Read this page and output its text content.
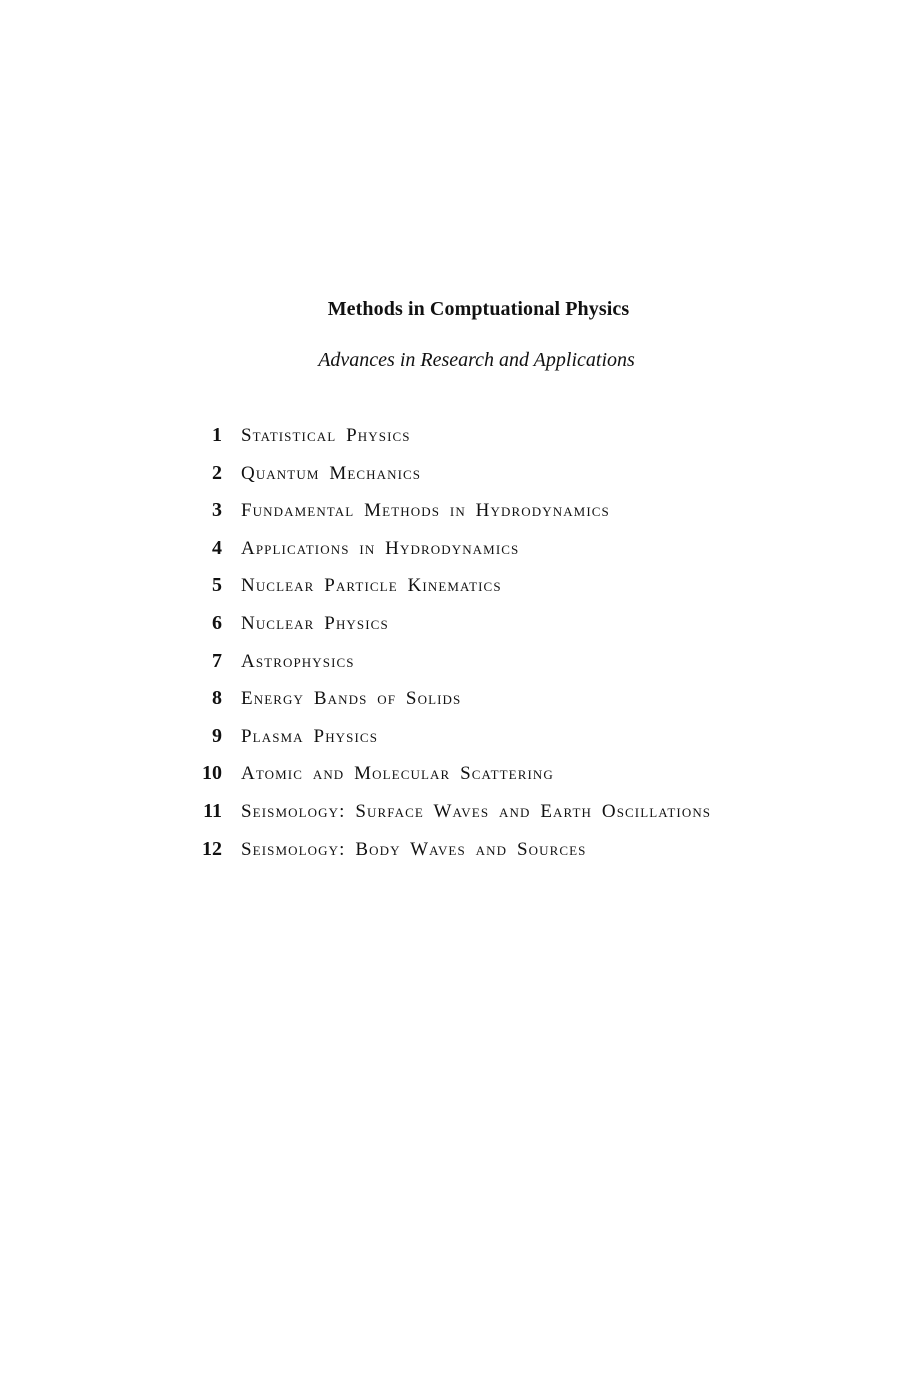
Methods in Comptuational Physics
Advances in Research and Applications
1 Statistical Physics
2 Quantum Mechanics
3 Fundamental Methods in Hydrodynamics
4 Applications in Hydrodynamics
5 Nuclear Particle Kinematics
6 Nuclear Physics
7 Astrophysics
8 Energy Bands of Solids
9 Plasma Physics
10 Atomic and Molecular Scattering
11 Seismology: Surface Waves and Earth Oscillations
12 Seismology: Body Waves and Sources
